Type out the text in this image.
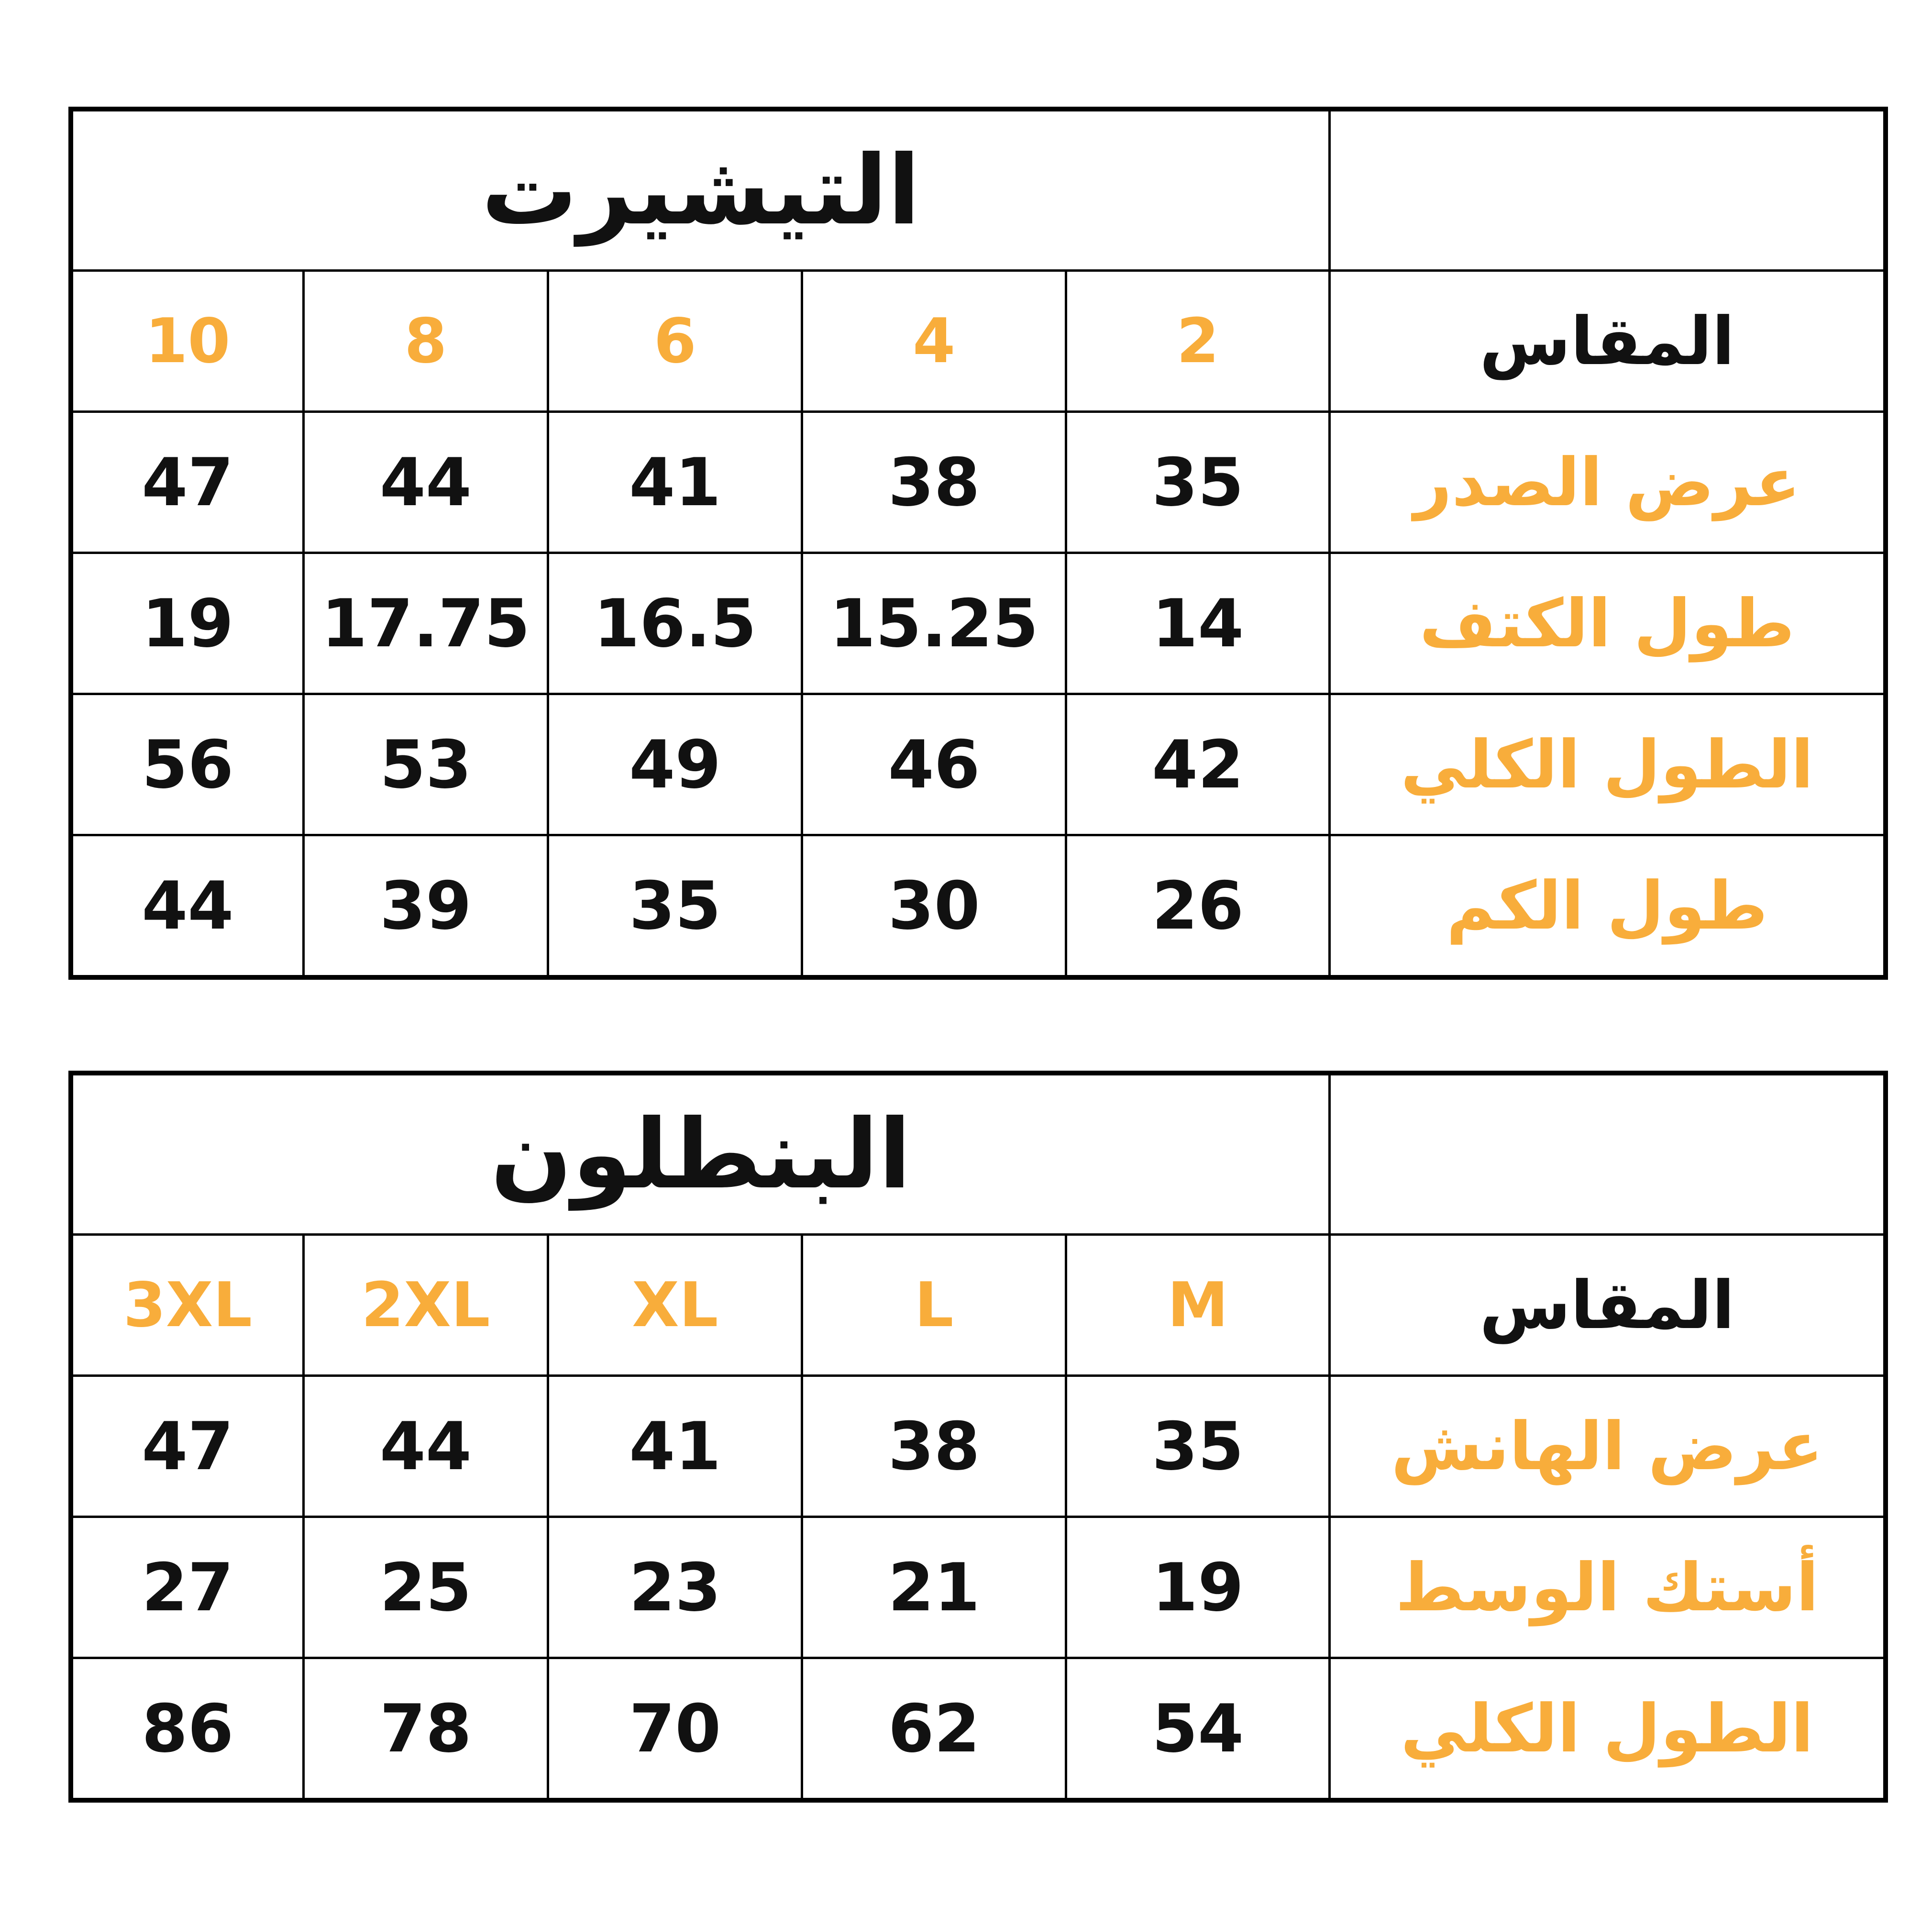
التيشيرت					
10	8	6	4	2	المقاس
47	44	41	38	35	عرض الصدر
19	17.75	16.5	15.25	14	طول الكتف
56	53	49	46	42	الطول الكلي
44	39	35	30	26	طول الكم
البنطلون					
3XL	2XL	XL	L	M	المقاس
47	44	41	38	35	عرض الهانش
27	25	23	21	19	أستك الوسط
86	78	70	62	54	الطول الكلي
